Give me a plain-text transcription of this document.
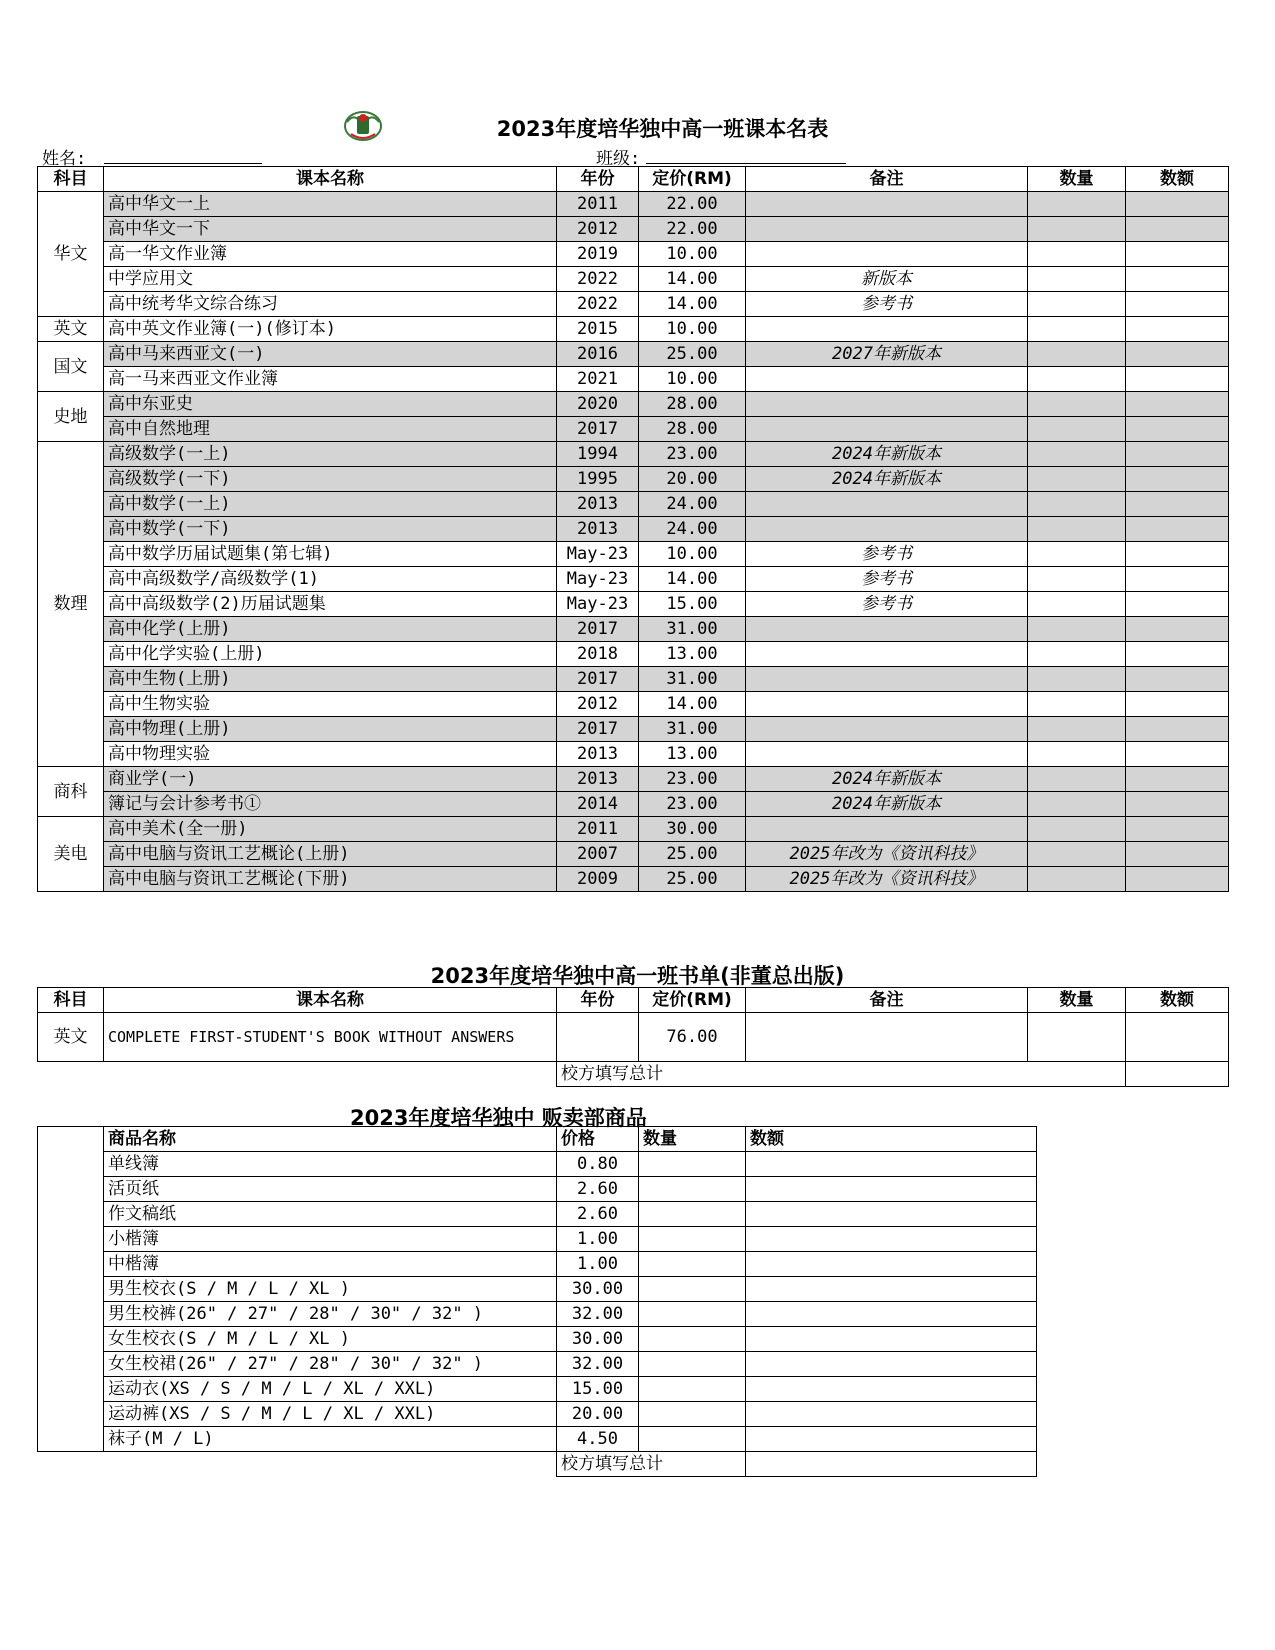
2023年度培华独中高一班课本名表
姓名:	班级:
科目	课本名称	年份	定价(RM)	备注	数量	数额
华文	高中华文一上	2011	22.00			
	高中华文一下	2012	22.00			
	高一华文作业簿	2019	10.00			
	中学应用文	2022	14.00	新版本		
	高中统考华文综合练习	2022	14.00	参考书		
英文	高中英文作业簿(一)(修订本)	2015	10.00			
国文	高中马来西亚文(一)	2016	25.00	2027年新版本		
	高一马来西亚文作业簿	2021	10.00			
史地	高中东亚史	2020	28.00			
	高中自然地理	2017	28.00			
数理	高级数学(一上)	1994	23.00	2024年新版本		
	高级数学(一下)	1995	20.00	2024年新版本		
	高中数学(一上)	2013	24.00			
	高中数学(一下)	2013	24.00			
	高中数学历届试题集(第七辑)	May-23	10.00	参考书		
	高中高级数学/高级数学(1)	May-23	14.00	参考书		
	高中高级数学(2)历届试题集	May-23	15.00	参考书		
	高中化学(上册)	2017	31.00			
	高中化学实验(上册)	2018	13.00			
	高中生物(上册)	2017	31.00			
	高中生物实验	2012	14.00			
	高中物理(上册)	2017	31.00			
	高中物理实验	2013	13.00			
商科	商业学(一)	2013	23.00	2024年新版本		
	簿记与会计参考书①	2014	23.00	2024年新版本		
美电	高中美术(全一册)	2011	30.00			
	高中电脑与资讯工艺概论(上册)	2007	25.00	2025年改为《资讯科技》		
	高中电脑与资讯工艺概论(下册)	2009	25.00	2025年改为《资讯科技》		
2023年度培华独中高一班书单(非董总出版)
科目	课本名称	年份	定价(RM)	备注	数量	数额
英文	COMPLETE FIRST-STUDENT'S BOOK WITHOUT ANSWERS		76.00			
		校方填写总计				
2023年度培华独中 贩卖部商品
	商品名称	价格	数量	数额
	单线簿	0.80		
	活页纸	2.60		
	作文稿纸	2.60		
	小楷簿	1.00		
	中楷簿	1.00		
	男生校衣(S / M / L / XL )	30.00		
	男生校裤(26" / 27" / 28" / 30" / 32" )	32.00		
	女生校衣(S / M / L / XL )	30.00		
	女生校裙(26" / 27" / 28" / 30" / 32" )	32.00		
	运动衣(XS / S / M / L / XL / XXL)	15.00		
	运动裤(XS / S / M / L / XL / XXL)	20.00		
	袜子(M / L)	4.50		
		校方填写总计		
